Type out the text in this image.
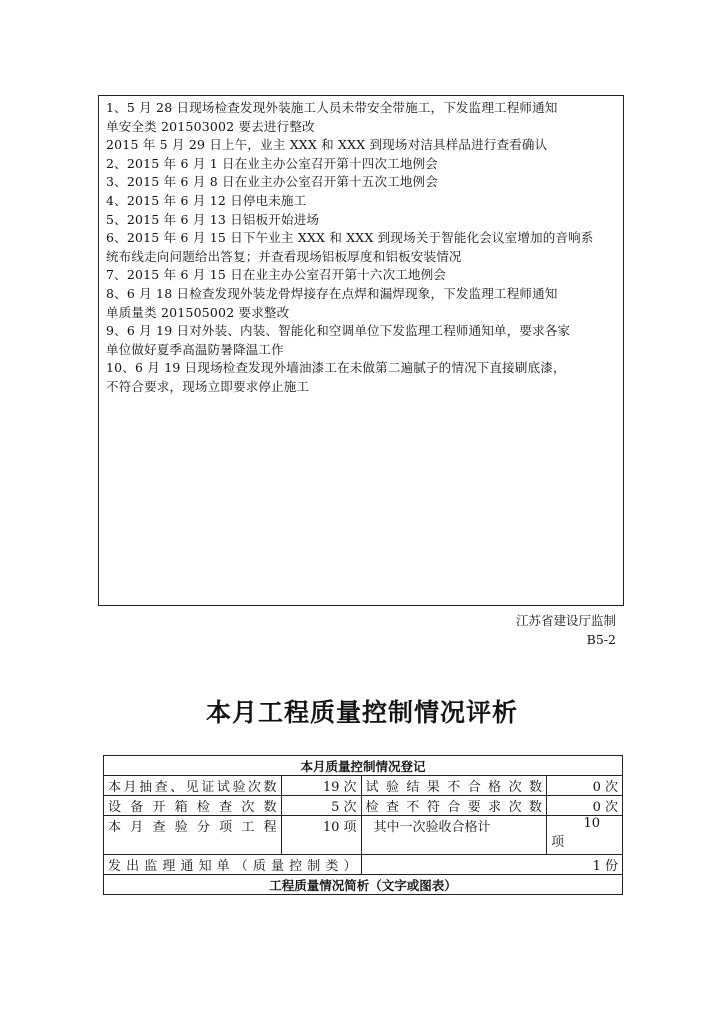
1、5 月 28 日现场检查发现外装施工人员未带安全带施工，下发监理工程师通知
单安全类 201503002 要去进行整改
2015 年 5 月 29 日上午，业主 XXX 和 XXX 到现场对洁具样品进行查看确认
2、2015 年 6 月 1 日在业主办公室召开第十四次工地例会
3、2015 年 6 月 8 日在业主办公室召开第十五次工地例会
4、2015 年 6 月 12 日停电未施工
5、2015 年 6 月 13 日铝板开始进场
6、2015 年 6 月 15 日下午业主 XXX 和 XXX 到现场关于智能化会议室增加的音响系
统布线走向问题给出答复；并查看现场铝板厚度和铝板安装情况
7、2015 年 6 月 15 日在业主办公室召开第十六次工地例会
8、6 月 18 日检查发现外装龙骨焊接存在点焊和漏焊现象，下发监理工程师通知
单质量类 201505002 要求整改
9、6 月 19 日对外装、内装、智能化和空调单位下发监理工程师通知单，要求各家
单位做好夏季高温防暑降温工作
10、6 月 19 日现场检查发现外墙油漆工在未做第二遍腻子的情况下直接刷底漆，
不符合要求，现场立即要求停止施工
江苏省建设厅监制
B5-2
本月工程质量控制情况评析
本月质量控制情况登记			
本月抽查、见证试验次数	19 次	试验结果不合格次数	0 次
设备开箱检查次数	5 次	检查不符合要求次数	0 次
本月查验分项工程	10 项	其中一次验收合格计	10
项

发出监理通知单（质量控制类）		1 份	
工程质量情况简析（文字或图表）			
